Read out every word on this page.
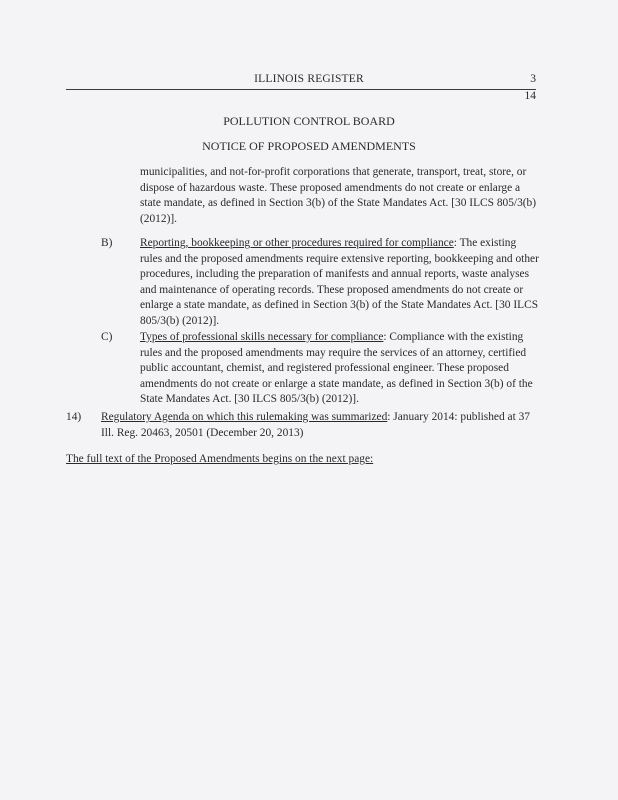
ILLINOIS REGISTER	3
14
POLLUTION CONTROL BOARD
NOTICE OF PROPOSED AMENDMENTS
municipalities, and not-for-profit corporations that generate, transport, treat, store, or dispose of hazardous waste. These proposed amendments do not create or enlarge a state mandate, as defined in Section 3(b) of the State Mandates Act. [30 ILCS 805/3(b) (2012)].
B) Reporting, bookkeeping or other procedures required for compliance: The existing rules and the proposed amendments require extensive reporting, bookkeeping and other procedures, including the preparation of manifests and annual reports, waste analyses and maintenance of operating records. These proposed amendments do not create or enlarge a state mandate, as defined in Section 3(b) of the State Mandates Act. [30 ILCS 805/3(b) (2012)].
C) Types of professional skills necessary for compliance: Compliance with the existing rules and the proposed amendments may require the services of an attorney, certified public accountant, chemist, and registered professional engineer. These proposed amendments do not create or enlarge a state mandate, as defined in Section 3(b) of the State Mandates Act. [30 ILCS 805/3(b) (2012)].
14) Regulatory Agenda on which this rulemaking was summarized: January 2014: published at 37 Ill. Reg. 20463, 20501 (December 20, 2013)
The full text of the Proposed Amendments begins on the next page:
